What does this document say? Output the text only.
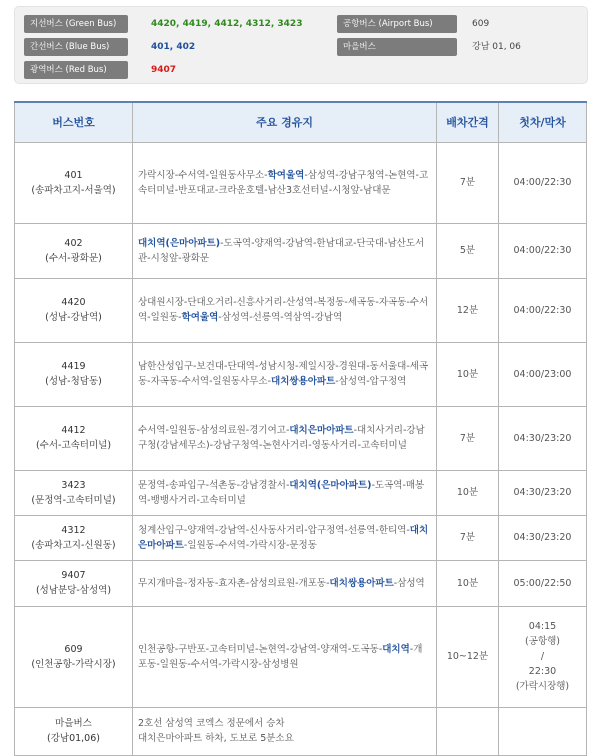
지선버스 (Green Bus)	4420, 4419, 4412, 4312, 3423	공항버스 (Airport Bus)	609
간선버스 (Blue Bus)	401, 402	마을버스	강남 01, 06
광역버스 (Red Bus)	9407
버스번호	주요 경유지	배차간격	첫차/막차

401
(송파차고지-서울역)	가락시장-수서역-일원동사무소-학여울역-삼성역-강남구청역-논현역-고속터미널-반포대교-크라운호텔-남산3호선터널-시청앞-남대문	7분	04:00/22:30

402
(수서-광화문)	대치역(은마아파트)-도곡역-양재역-강남역-한남대교-단국대-남산도서관-시청앞-광화문	5분	04:00/22:30

4420
(성남-강남역)	상대원시장-단대오거리-신흥사거리-산성역-복정동-세곡동-자곡동-수서역-일원동-학여울역-삼성역-선릉역-역삼역-강남역	12분	04:00/22:30

4419
(성남-청담동)	남한산성입구-보건대-단대역-성남시청-제일시장-경원대-동서울대-세곡동-자곡동-수서역-일원동사무소-대치쌍용아파트-삼성역-압구정역	10분	04:00/23:00

4412
(수서-고속터미널)	수서역-일원동-삼성의료원-경기여고-대치은마아파트-대치사거리-강남구청(강남세무소)-강남구청역-논현사거리-영동사거리-고속터미널	7분	04:30/23:20

3423
(문정역-고속터미널)	문정역-송파입구-석촌동-강남경찰서-대치역(은마아파트)-도곡역-매봉역-뱅뱅사거리-고속터미널	10분	04:30/23:20

4312
(송파차고지-신원동)	청계산입구-양재역-강남역-신사동사거리-압구정역-선릉역-한티역-대치은마아파트-일원동-수서역-가락시장-문정동	7분	04:30/23:20

9407
(성남분당-삼성역)	무지개마을-정자동-효자촌-삼성의료원-개포동-대치쌍용아파트-삼성역	10분	05:00/22:50

609
(인천공항-가락시장)	인천공항-구반포-고속터미널-논현역-강남역-양재역-도곡동-대치역-개포동-일원동-수서역-가락시장-삼성병원	10~12분	04:15
(공항행)
/
22:30
(가락시장행)

마을버스
(강남01,06)	2호선 삼성역 코엑스 정문에서 승차
대치은마아파트 하차, 도보로 5분소요		
